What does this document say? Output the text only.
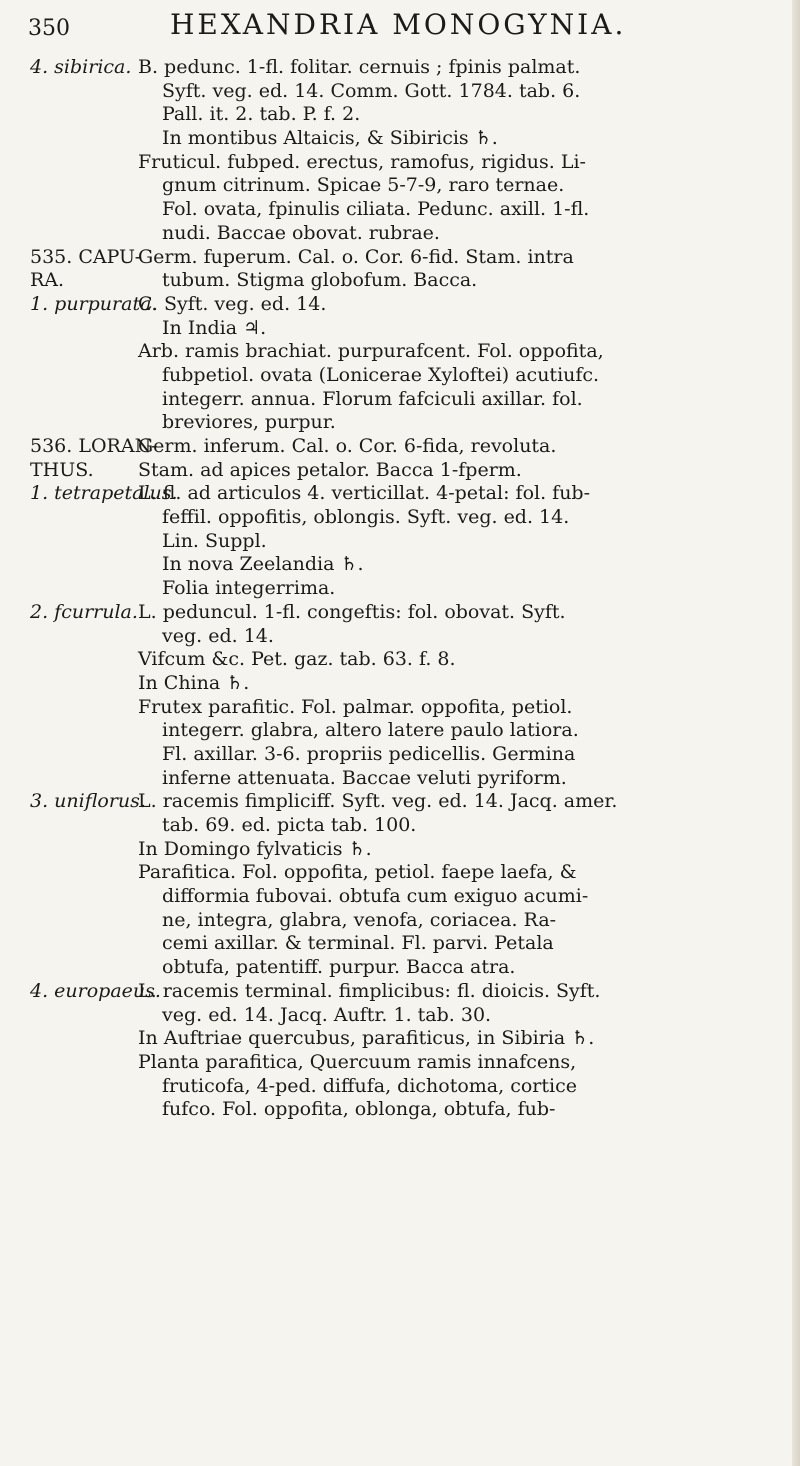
350	HEXANDRIA MONOGYNIA.
4. sibirica. B. pedunc. 1-fl. folitar. cernuis ; fpinis palmat.
Syft. veg. ed. 14. Comm. Gott. 1784. tab. 6.
Pall. it. 2. tab. P. f. 2.
In montibus Altaicis, & Sibiricis ♄.
Fruticul. fubped. erectus, ramofus, rigidus. Li-
gnum citrinum. Spicae 5-7-9, raro ternae.
Fol. ovata, fpinulis ciliata. Pedunc. axill. 1-fl.
nudi. Baccae obovat. rubrae.
535. CAPU-
Germ. fuperum. Cal. o. Cor. 6-fid. Stam. intra
RA.	tubum. Stigma globofum. Bacca.
1. purpurata.
C. Syft. veg. ed. 14.
In India ♃.
Arb. ramis brachiat. purpurafcent. Fol. oppofita,
fubpetiol. ovata (Lonicerae Xylofteі) acutiufc.
integerr. annua. Florum fafciculi axillar. fol.
breviores, purpur.
536. LORAN-
Germ. inferum. Cal. o. Cor. 6-fida, revoluta.
THUS. Stam. ad apices petalor. Bacca 1-fperm.
1. tetrapetalus.
L. fl. ad articulos 4. verticillat. 4-petal: fol. fub-
feffil. oppofitis, oblongis. Syft. veg. ed. 14.
Lin. Suppl.
In nova Zeelandia ♄.
Folia integerrima.
2. fcurrula. L. peduncul. 1-fl. congeftis: fol. obovat. Syft.
veg. ed. 14.
Vifcum &c. Pet. gaz. tab. 63. f. 8.
In China ♄.
Frutex parafitic. Fol. palmar. oppofita, petiol.
integerr. glabra, altero latere paulo latiora.
Fl. axillar. 3-6. propriis pedicellis. Germina
inferne attenuata. Baccae veluti pyriform.
3. uniflorus.
L. racemis fimpliciff. Syft. veg. ed. 14. Jacq. amer.
tab. 69. ed. picta tab. 100.
In Domingo fylvaticis ♄.
Parafitica. Fol. oppofita, petiol. faepe laefa, &
difformia fubovai. obtufa cum exiguo acumi-
ne, integra, glabra, venofa, coriacea. Ra-
cemi axillar. & terminal. Fl. parvi. Petala
obtufa, patentiff. purpur. Bacca atra.
4. europaeus.
L. racemis terminal. fimplicibus: fl. dioicis. Syft.
veg. ed. 14. Jacq. Auftr. 1. tab. 30.
In Auftriae quercubus, parafiticus, in Sibiria ♄.
Planta parafitica, Quercuum ramis innafcens,
fruticofa, 4-ped. diffufa, dichotoma, cortice
fufco. Fol. oppofita, oblonga, obtufa, fub-
